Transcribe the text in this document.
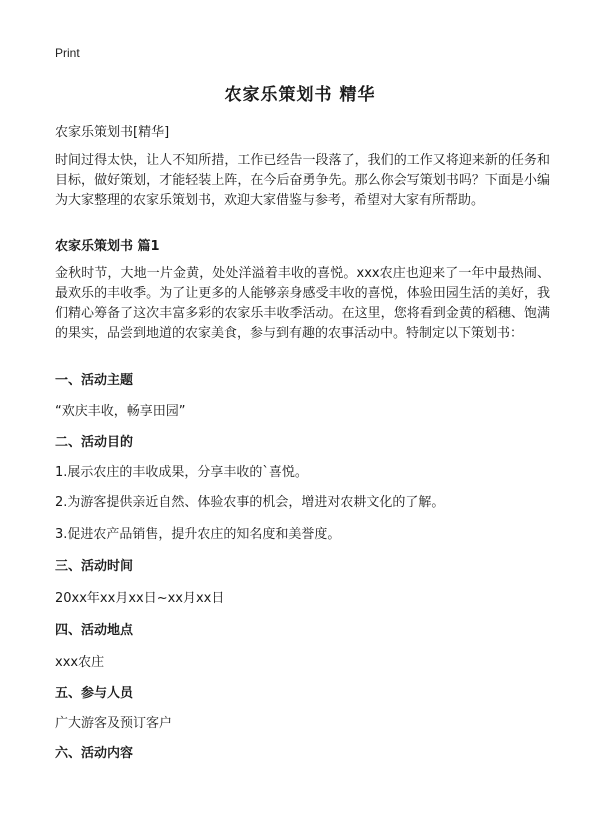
Print
农家乐策划书 精华

农家乐策划书[精华]

时间过得太快，让人不知所措，工作已经告一段落了，我们的工作又将迎来新的任务和目标，做好策划，才能轻装上阵，在今后奋勇争先。那么你会写策划书吗？下面是小编为大家整理的农家乐策划书，欢迎大家借鉴与参考，希望对大家有所帮助。

农家乐策划书 篇1

金秋时节，大地一片金黄，处处洋溢着丰收的喜悦。xxx农庄也迎来了一年中最热闹、最欢乐的丰收季。为了让更多的人能够亲身感受丰收的喜悦，体验田园生活的美好，我们精心筹备了这次丰富多彩的农家乐丰收季活动。在这里，您将看到金黄的稻穗、饱满的果实，品尝到地道的农家美食，参与到有趣的农事活动中。特制定以下策划书：

一、活动主题

“欢庆丰收，畅享田园”

二、活动目的

1.展示农庄的丰收成果，分享丰收的`喜悦。

2.为游客提供亲近自然、体验农事的机会，增进对农耕文化的了解。

3.促进农产品销售，提升农庄的知名度和美誉度。

三、活动时间

20xx年xx月xx日~xx月xx日

四、活动地点

xxx农庄

五、参与人员

广大游客及预订客户

六、活动内容
